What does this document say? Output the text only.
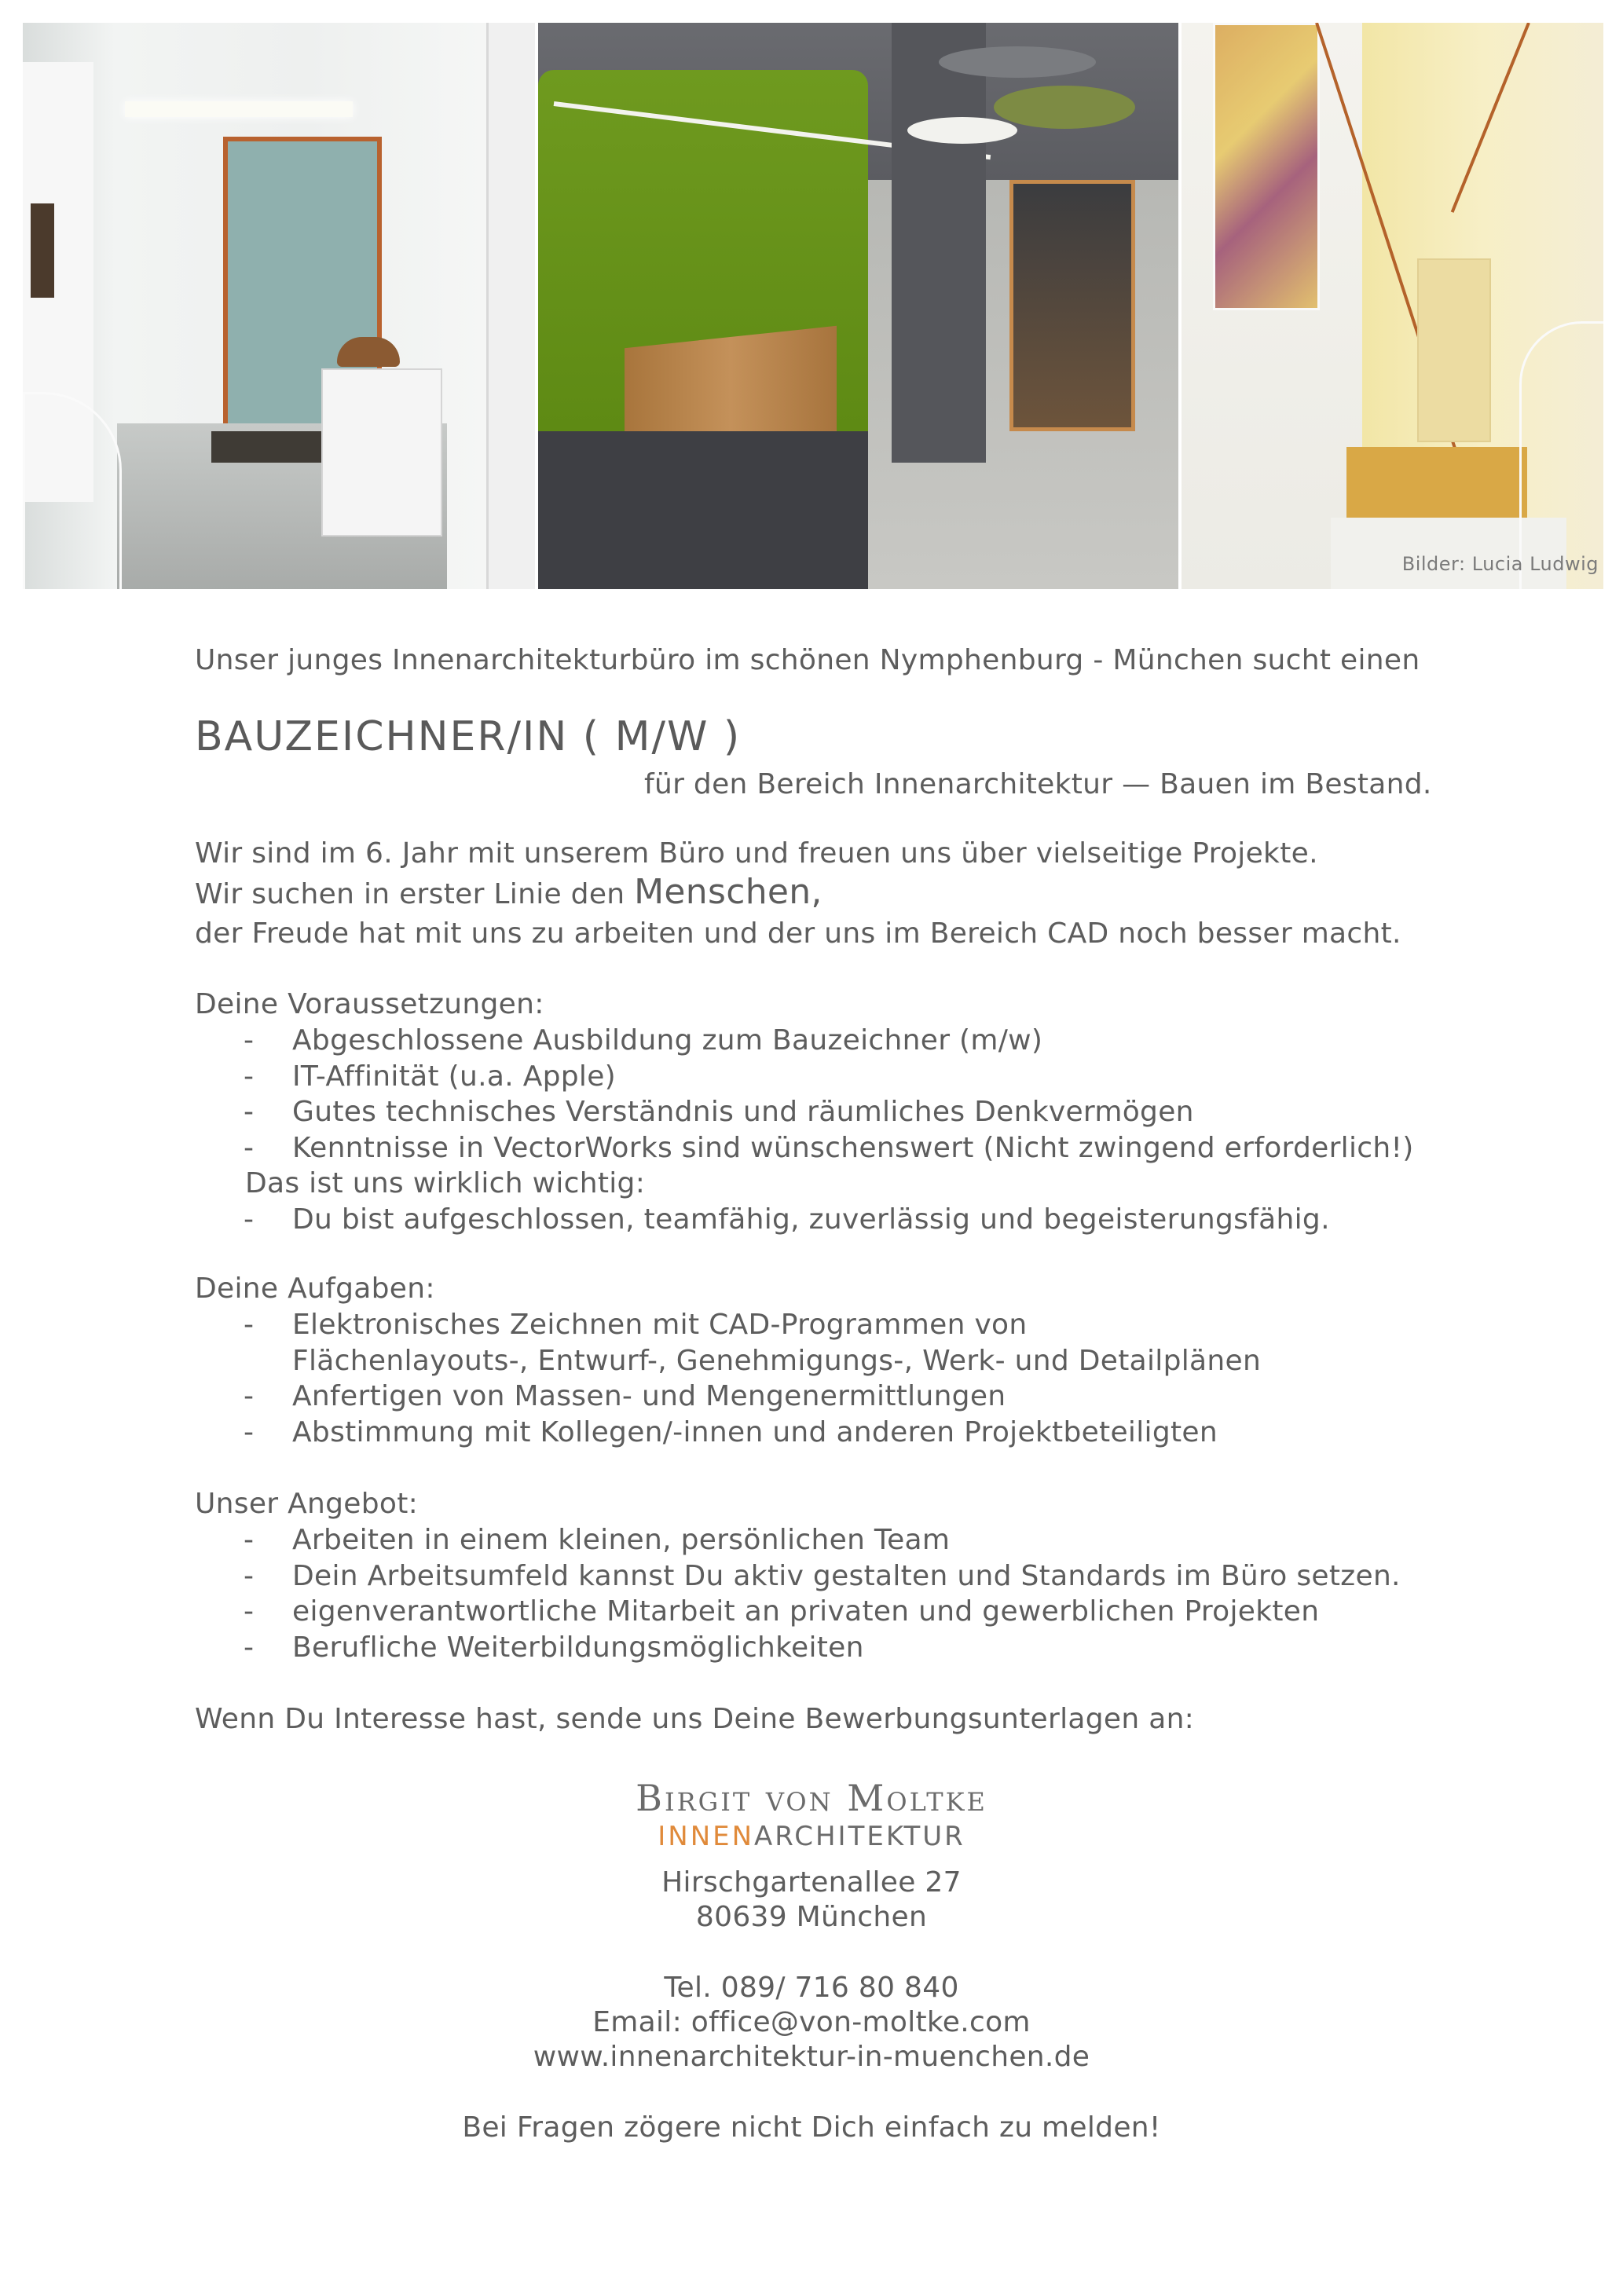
Bilder: Lucia Ludwig
Unser junges Innenarchitekturbüro im schönen Nymphenburg - München sucht einen
BAUZEICHNER/IN ( M/W )
für den Bereich Innenarchitektur — Bauen im Bestand.
Wir sind im 6. Jahr mit unserem Büro und freuen uns über vielseitige Projekte.
Wir suchen in erster Linie den Menschen,
der Freude hat mit uns zu arbeiten und der uns im Bereich CAD noch besser macht.
Deine Voraussetzungen:
- Abgeschlossene Ausbildung zum Bauzeichner (m/w)
- IT-Affinität (u.a. Apple)
- Gutes technisches Verständnis und räumliches Denkvermögen
- Kenntnisse in VectorWorks sind wünschenswert (Nicht zwingend erforderlich!)
Das ist uns wirklich wichtig:
- Du bist aufgeschlossen, teamfähig, zuverlässig und begeisterungsfähig.
Deine Aufgaben:
- Elektronisches Zeichnen mit CAD-Programmen von
Flächenlayouts-, Entwurf-, Genehmigungs-, Werk- und Detailplänen
- Anfertigen von Massen- und Mengenermittlungen
- Abstimmung mit Kollegen/-innen und anderen Projektbeteiligten
Unser Angebot:
- Arbeiten in einem kleinen, persönlichen Team
- Dein Arbeitsumfeld kannst Du aktiv gestalten und Standards im Büro setzen.
- eigenverantwortliche Mitarbeit an privaten und gewerblichen Projekten
- Berufliche Weiterbildungsmöglichkeiten
Wenn Du Interesse hast, sende uns Deine Bewerbungsunterlagen an:
Birgit von Moltke
INNENARCHITEKTUR
Hirschgartenallee 27
80639 München
Tel. 089/ 716 80 840
Email: office@von-moltke.com
www.innenarchitektur-in-muenchen.de
Bei Fragen zögere nicht Dich einfach zu melden!
